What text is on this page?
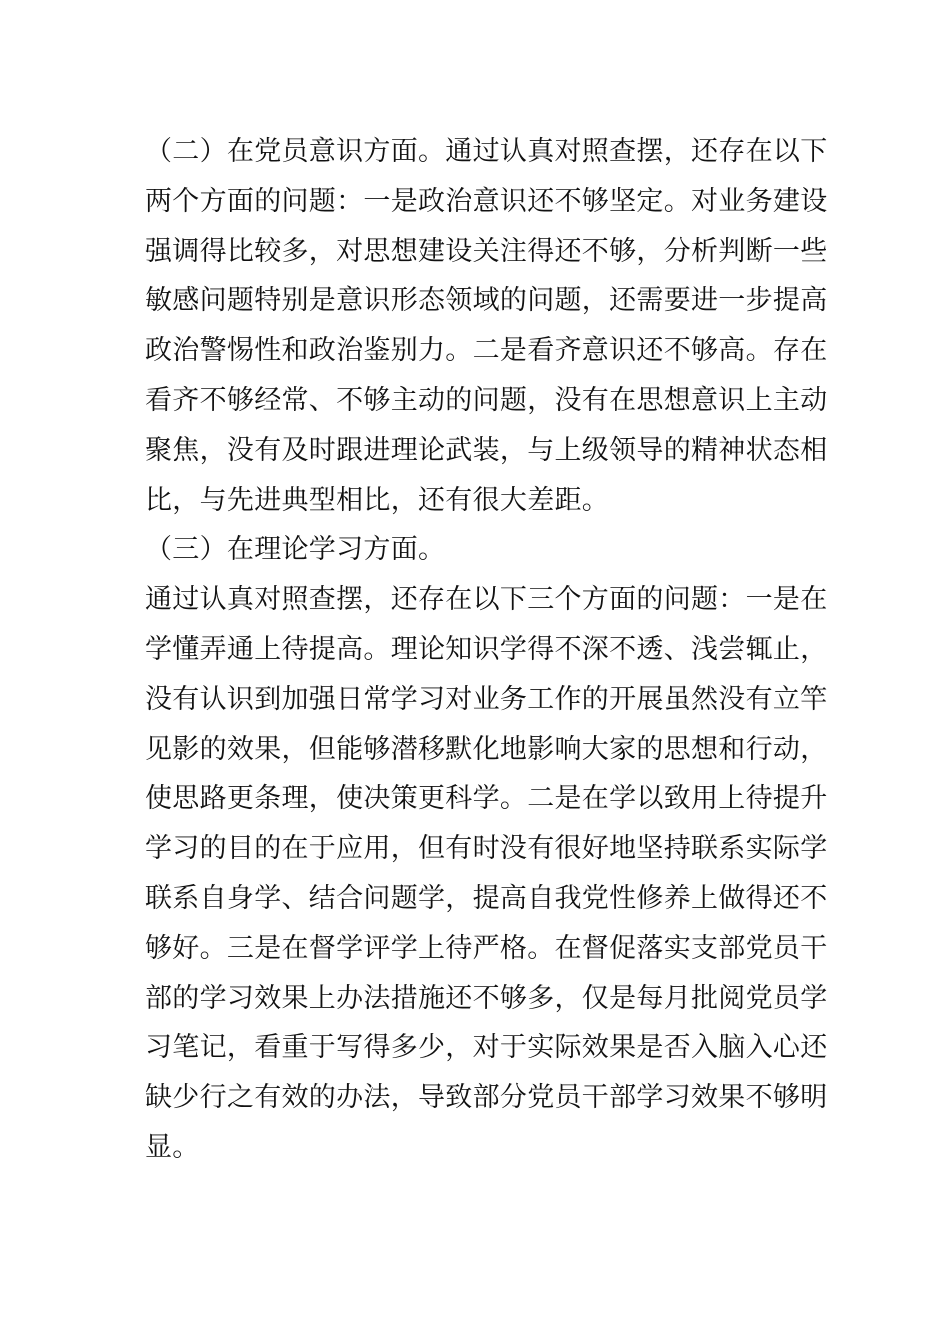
（二）在党员意识方面。通过认真对照查摆，还存在以下
两个方面的问题：一是政治意识还不够坚定。对业务建设
强调得比较多，对思想建设关注得还不够，分析判断一些
敏感问题特别是意识形态领域的问题，还需要进一步提高
政治警惕性和政治鉴别力。二是看齐意识还不够高。存在
看齐不够经常、不够主动的问题，没有在思想意识上主动
聚焦，没有及时跟进理论武装，与上级领导的精神状态相
比，与先进典型相比，还有很大差距。
（三）在理论学习方面。
通过认真对照查摆，还存在以下三个方面的问题：一是在
学懂弄通上待提高。理论知识学得不深不透、浅尝辄止，
没有认识到加强日常学习对业务工作的开展虽然没有立竿
见影的效果，但能够潜移默化地影响大家的思想和行动，
使思路更条理，使决策更科学。二是在学以致用上待提升
学习的目的在于应用，但有时没有很好地坚持联系实际学
联系自身学、结合问题学，提高自我党性修养上做得还不
够好。三是在督学评学上待严格。在督促落实支部党员干
部的学习效果上办法措施还不够多，仅是每月批阅党员学
习笔记，看重于写得多少，对于实际效果是否入脑入心还
缺少行之有效的办法，导致部分党员干部学习效果不够明
显。
